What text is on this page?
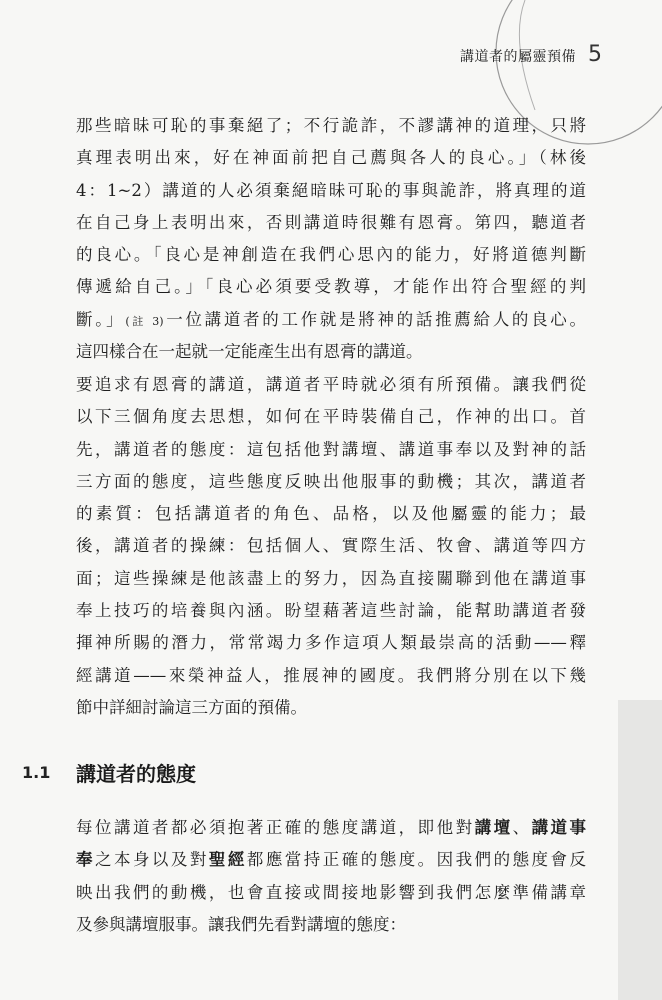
講道者的屬靈預備 5
那些暗昧可恥的事棄絕了；不行詭詐，不謬講神的道理，只將
真理表明出來，好在神面前把自己薦與各人的良心。」（林後
4：1~2）講道的人必須棄絕暗昧可恥的事與詭詐，將真理的道
在自己身上表明出來，否則講道時很難有恩膏。第四，聽道者
的良心。「良心是神創造在我們心思內的能力，好將道德判斷
傳遞給自己。」「良心必須要受教導，才能作出符合聖經的判
斷。」(註 3)一位講道者的工作就是將神的話推薦給人的良心。
這四樣合在一起就一定能產生出有恩膏的講道。
要追求有恩膏的講道，講道者平時就必須有所預備。讓我們從
以下三個角度去思想，如何在平時裝備自己，作神的出口。首
先，講道者的態度：這包括他對講壇、講道事奉以及對神的話
三方面的態度，這些態度反映出他服事的動機；其次，講道者
的素質：包括講道者的角色、品格，以及他屬靈的能力；最
後，講道者的操練：包括個人、實際生活、牧會、講道等四方
面；這些操練是他該盡上的努力，因為直接關聯到他在講道事
奉上技巧的培養與內涵。盼望藉著這些討論，能幫助講道者發
揮神所賜的潛力，常常竭力多作這項人類最崇高的活動——釋
經講道——來榮神益人，推展神的國度。我們將分別在以下幾
節中詳細討論這三方面的預備。
1.1 講道者的態度
每位講道者都必須抱著正確的態度講道，即他對講壇、講道事
奉之本身以及對聖經都應當持正確的態度。因我們的態度會反
映出我們的動機，也會直接或間接地影響到我們怎麼準備講章
及參與講壇服事。讓我們先看對講壇的態度：
